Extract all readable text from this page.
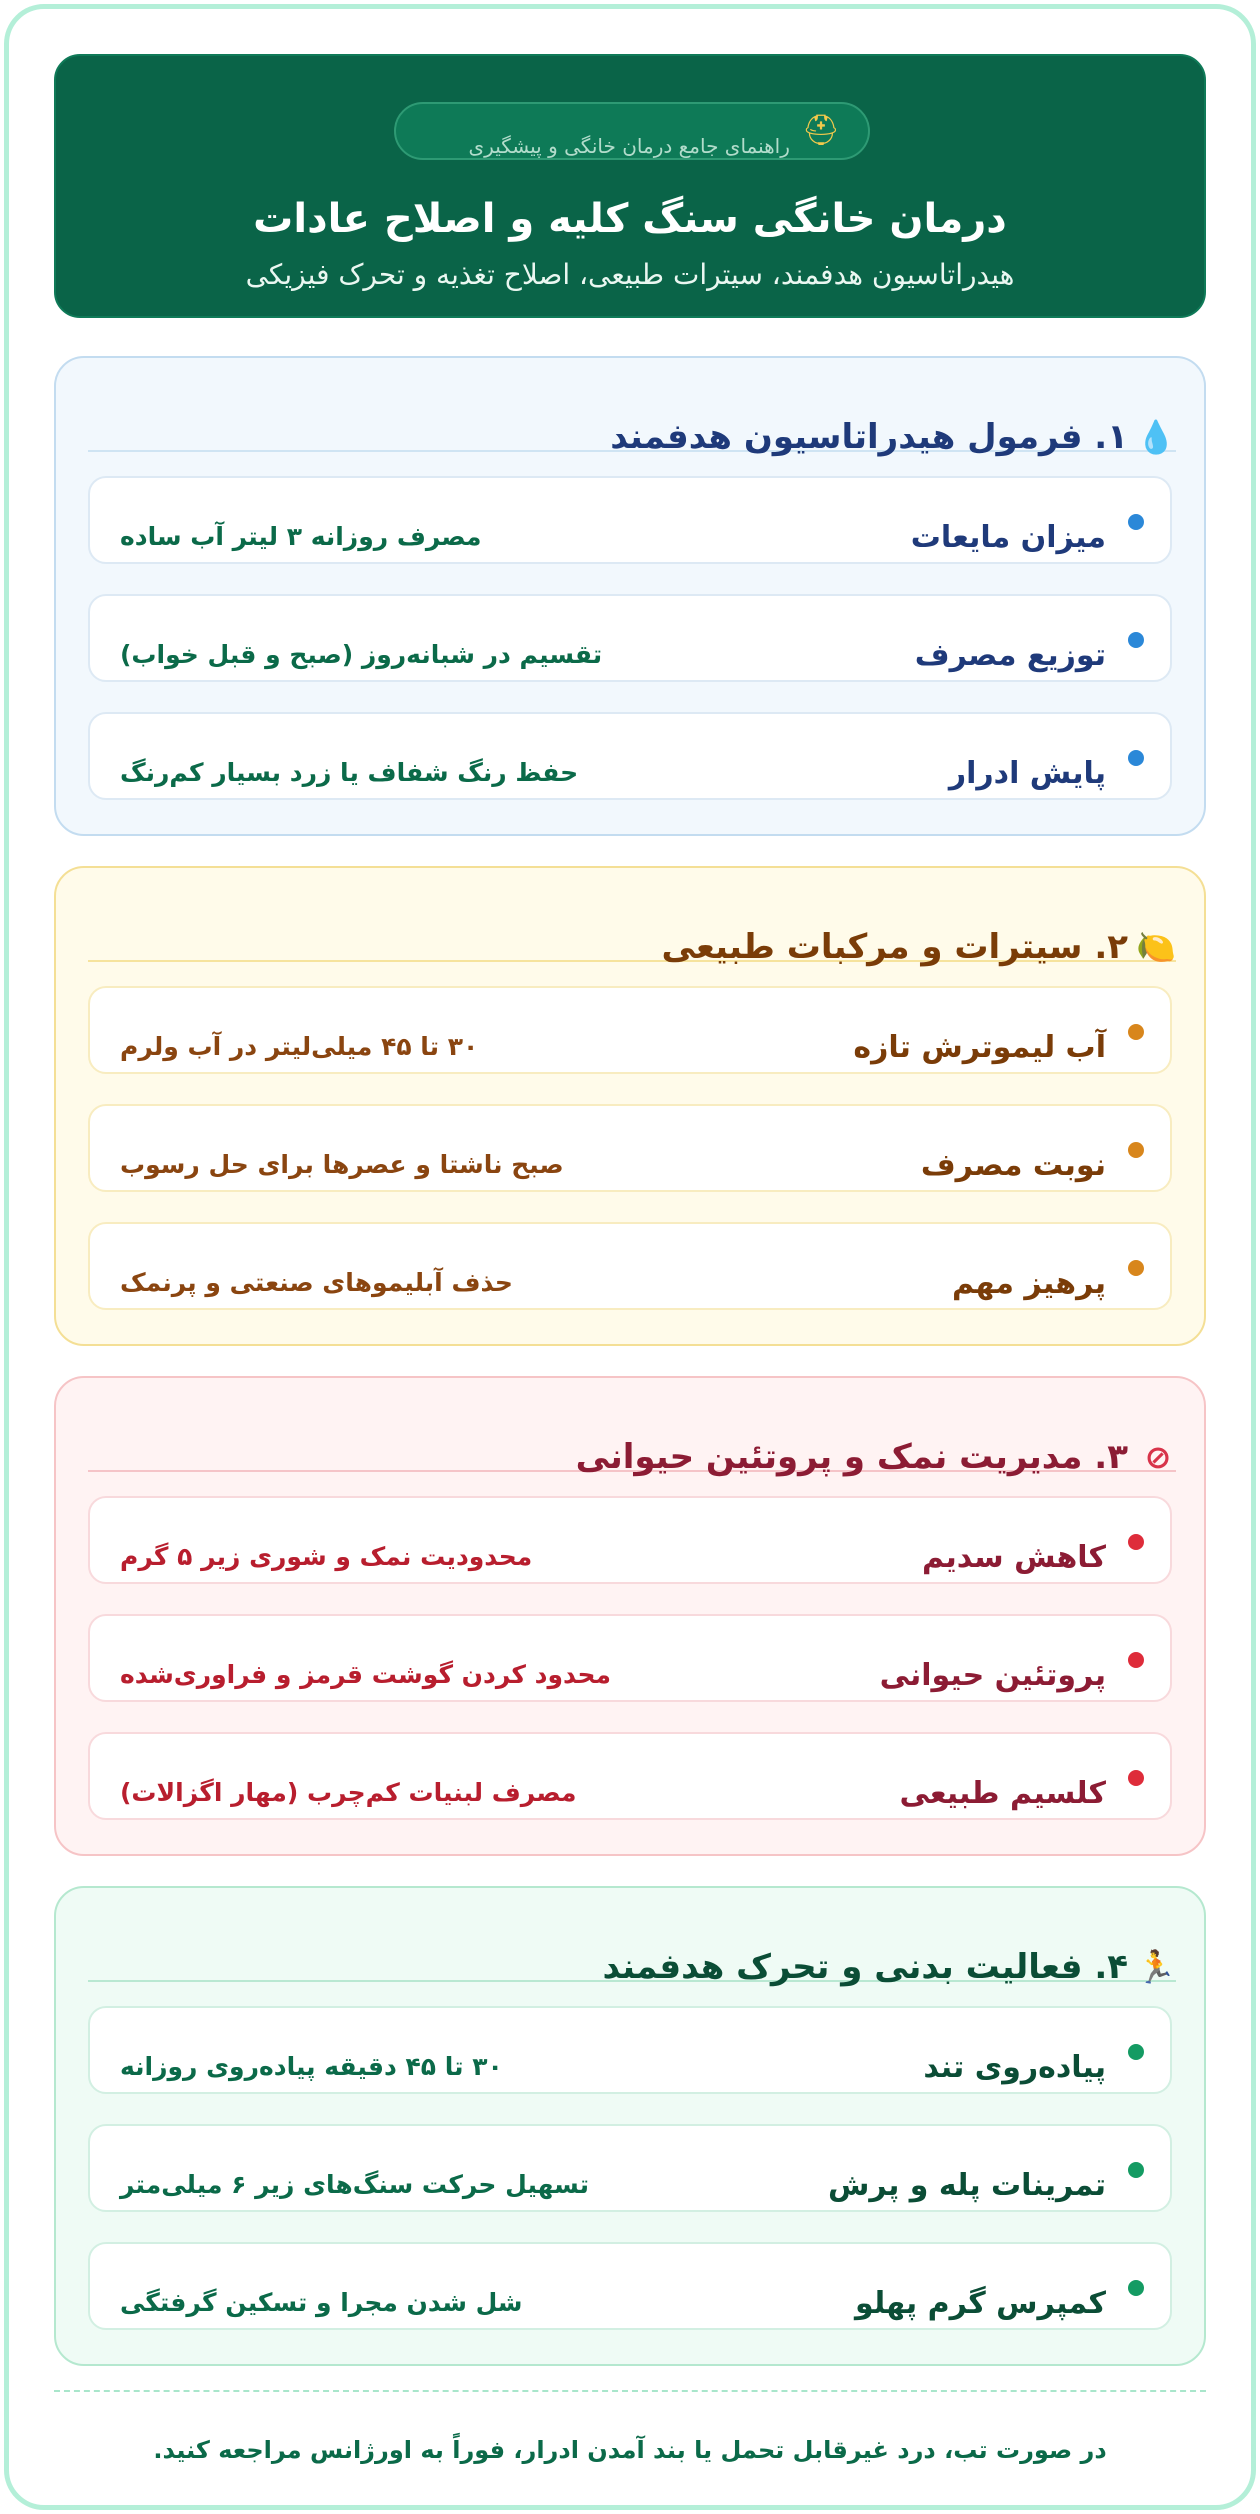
⛑
راهنمای جامع درمان خانگی و پیشگیری
درمان خانگی سنگ کلیه و اصلاح عادات
هیدراتاسیون هدفمند، سیترات طبیعی، اصلاح تغذیه و تحرک فیزیکی
💧
۱. فرمول هیدراتاسیون هدفمند
میزان مایعات
مصرف روزانه ۳ لیتر آب ساده
توزیع مصرف
تقسیم در شبانه‌روز (صبح و قبل خواب)
پایش ادرار
حفظ رنگ شفاف یا زرد بسیار کم‌رنگ
🍋
۲. سیترات و مرکبات طبیعی
آب لیموترش تازه
۳۰ تا ۴۵ میلی‌لیتر در آب ولرم
نوبت مصرف
صبح ناشتا و عصرها برای حل رسوب
پرهیز مهم
حذف آبلیموهای صنعتی و پرنمک
⊘
۳. مدیریت نمک و پروتئین حیوانی
کاهش سدیم
محدودیت نمک و شوری زیر ۵ گرم
پروتئین حیوانی
محدود کردن گوشت قرمز و فراوری‌شده
کلسیم طبیعی
مصرف لبنیات کم‌چرب (مهار اگزالات)
🏃
۴. فعالیت بدنی و تحرک هدفمند
پیاده‌روی تند
۳۰ تا ۴۵ دقیقه پیاده‌روی روزانه
تمرینات پله و پرش
تسهیل حرکت سنگ‌های زیر ۶ میلی‌متر
کمپرس گرم پهلو
شل شدن مجرا و تسکین گرفتگی
در صورت تب، درد غیرقابل تحمل یا بند آمدن ادرار، فوراً به اورژانس مراجعه کنید.
